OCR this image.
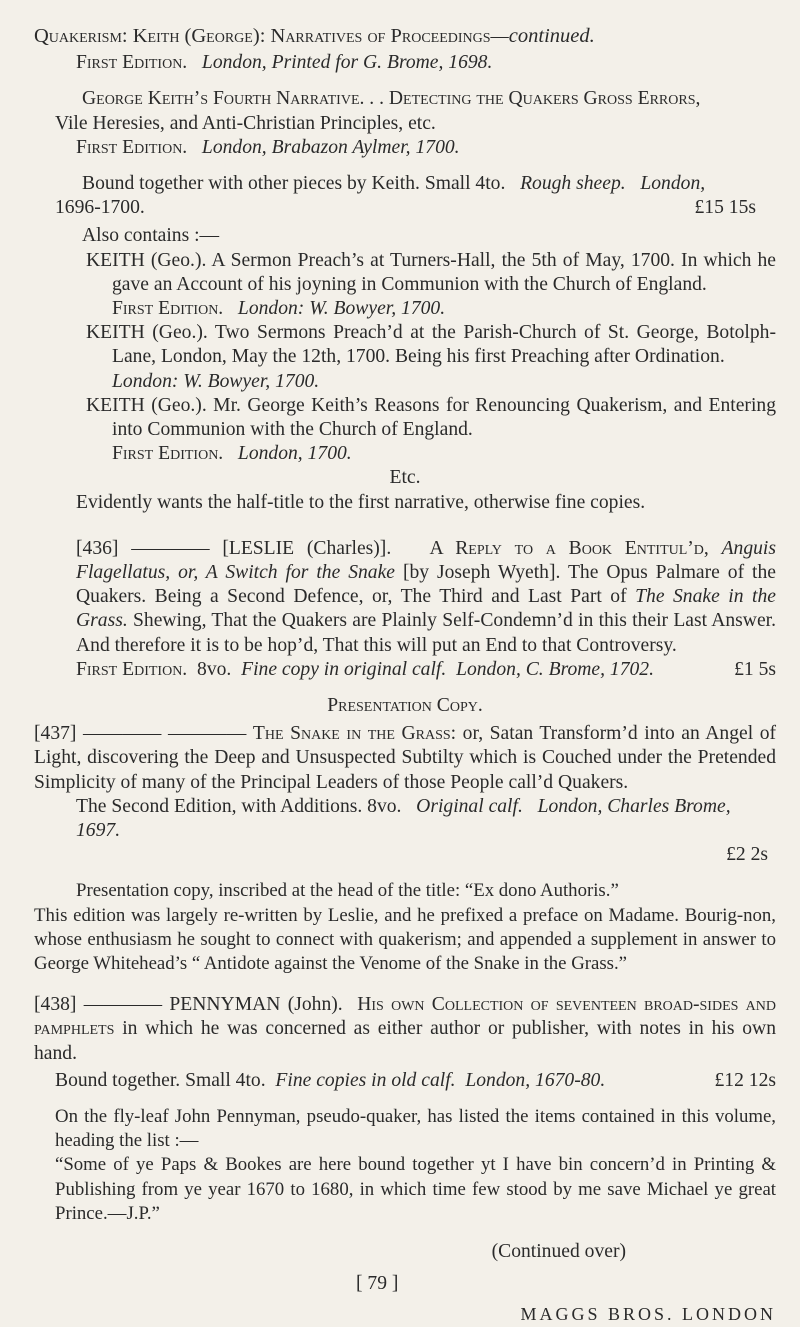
Quakerism: Keith (George): Narratives of Proceedings—continued.

First Edition. London, Printed for G. Brome, 1698.

George Keith’s Fourth Narrative. . . Detecting the Quakers Gross Errors,

Vile Heresies, and Anti-Christian Principles, etc.

First Edition. London, Brabazon Aylmer, 1700.

Bound together with other pieces by Keith. Small 4to. Rough sheep. London,

1696-1700.	£15 15s

Also contains :—

KEITH (Geo.). A Sermon Preach’s at Turners-Hall, the 5th of May, 1700. In which he gave an Account of his joyning in Communion with the Church of England.

First Edition. London: W. Bowyer, 1700.

KEITH (Geo.). Two Sermons Preach’d at the Parish-Church of St. George, Botolph-Lane, London, May the 12th, 1700. Being his first Preaching after Ordination.

London: W. Bowyer, 1700.

KEITH (Geo.). Mr. George Keith’s Reasons for Renouncing Quakerism, and Entering into Communion with the Church of England.

First Edition. London, 1700.

Etc.

Evidently wants the half-title to the first narrative, otherwise fine copies.

[436] ———— [LESLIE (Charles)]. A Reply to a Book Entitul’d, Anguis Flagellatus, or, A Switch for the Snake [by Joseph Wyeth]. The Opus Palmare of the Quakers. Being a Second Defence, or, The Third and Last Part of The Snake in the Grass. Shewing, That the Quakers are Plainly Self-Condemn’d in this their Last Answer. And therefore it is to be hop’d, That this will put an End to that Controversy.

First Edition. 8vo. Fine copy in original calf. London, C. Brome, 1702.	£1 5s

Presentation Copy.

[437] ———— ———— The Snake in the Grass: or, Satan Transform’d into an Angel of Light, discovering the Deep and Unsuspected Subtilty which is Couched under the Pretended Simplicity of many of the Principal Leaders of those People call’d Quakers.

The Second Edition, with Additions. 8vo. Original calf. London, Charles Brome, 1697.

£2 2s

Presentation copy, inscribed at the head of the title: “Ex dono Authoris.”

This edition was largely re-written by Leslie, and he prefixed a preface on Madame. Bourig-non, whose enthusiasm he sought to connect with quakerism; and appended a supplement in answer to George Whitehead’s “ Antidote against the Venome of the Snake in the Grass.”

[438] ———— PENNYMAN (John). His own Collection of seventeen broad-sides and pamphlets in which he was concerned as either author or publisher, with notes in his own hand.

Bound together. Small 4to. Fine copies in old calf. London, 1670-80.	£12 12s

On the fly-leaf John Pennyman, pseudo-quaker, has listed the items contained in this volume, heading the list :—

“Some of ye Paps & Bookes are here bound together yt I have bin concern’d in Printing & Publishing from ye year 1670 to 1680, in which time few stood by me save Michael ye great Prince.—J.P.”

(Continued over)

[ 79 ]

MAGGS BROS. LONDON
